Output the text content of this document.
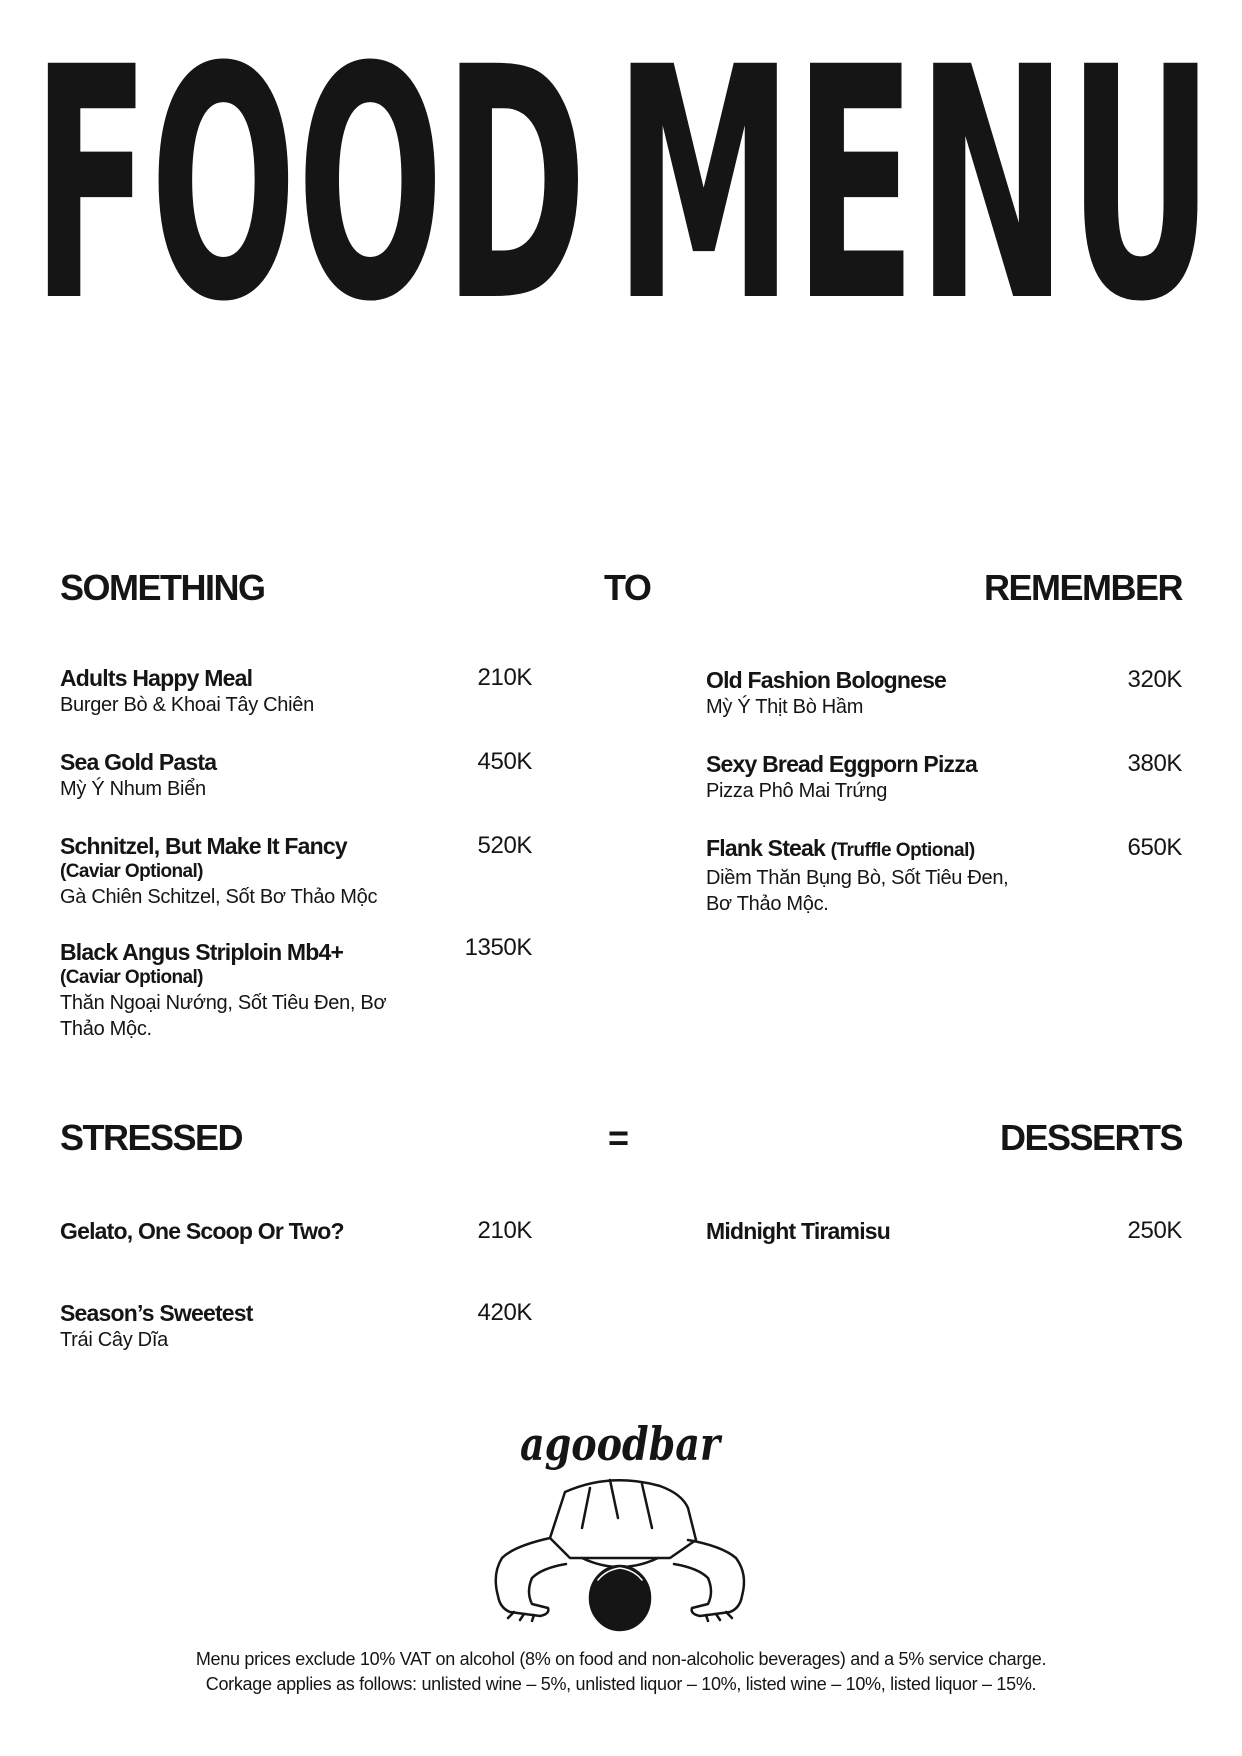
FOOD MENU
SOMETHING	TO	REMEMBER
Adults Happy Meal
Burger Bò & Khoai Tây Chiên
210K
Sea Gold Pasta
Mỳ Ý Nhum Biển
450K
Schnitzel, But Make It Fancy
(Caviar Optional)
Gà Chiên Schitzel, Sốt Bơ Thảo Mộc
520K
Black Angus Striploin Mb4+
(Caviar Optional)
Thăn Ngoại Nướng, Sốt Tiêu Đen, Bơ Thảo Mộc.
1350K
Old Fashion Bolognese
Mỳ Ý Thịt Bò Hầm
320K
Sexy Bread Eggporn Pizza
Pizza Phô Mai Trứng
380K
Flank Steak (Truffle Optional)
Diềm Thăn Bụng Bò, Sốt Tiêu Đen, Bơ Thảo Mộc.
650K
STRESSED	=	DESSERTS
Gelato, One Scoop Or Two?	210K
Season’s Sweetest
Trái Cây Dĩa
420K
Midnight Tiramisu	250K
agoodbar
Menu prices exclude 10% VAT on alcohol (8% on food and non-alcoholic beverages) and a 5% service charge.
Corkage applies as follows: unlisted wine – 5%, unlisted liquor – 10%, listed wine – 10%, listed liquor – 15%.
